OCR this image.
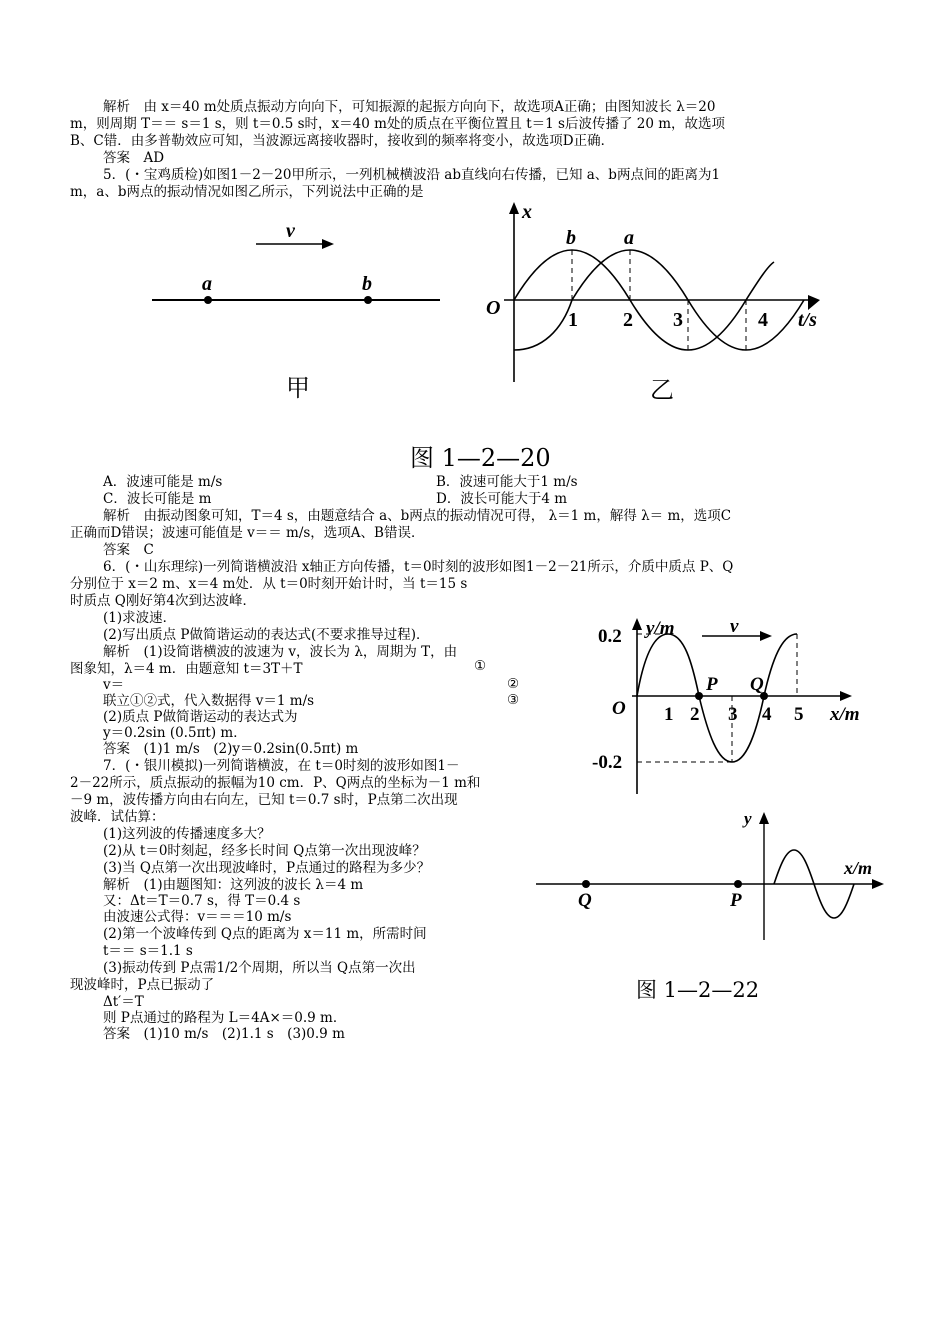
解析　由 x＝40 m处质点振动方向向下，可知振源的起振方向向下，故选项A正确；由图知波长 λ＝20
m，则周期 T＝＝ s＝1 s，则 t＝0.5 s时，x＝40 m处的质点在平衡位置且 t＝1 s后波传播了 20 m，故选项
B、C错．由多普勒效应可知，当波源远离接收器时，接收到的频率将变小，故选项D正确．
答案　AD
5．(・宝鸡质检)如图1－2－20甲所示，一列机械横波沿 ab直线向右传播，已知 a、b两点间的距离为1
m，a、b两点的振动情况如图乙所示，下列说法中正确的是
v
a	b
甲
x
t/s
O
b a
1 2 3	4
乙
图 1—2—20
A．波速可能是 m/s	B．波速可能大于1 m/s
C．波长可能是 m	D．波长可能大于4 m
解析　由振动图象可知，T＝4 s，由题意结合 a、b两点的振动情况可得， λ＝1 m，解得 λ＝ m，选项C
正确而D错误；波速可能值是 v＝＝ m/s，选项A、B错误．
答案　C
6．(・山东理综)一列简谐横波沿 x轴正方向传播，t＝0时刻的波形如图1－2－21所示，介质中质点 P、Q
分别位于 x＝2 m、x＝4 m处．从 t＝0时刻开始计时，当 t＝15 s
时质点 Q刚好第4次到达波峰．
(1)求波速．
(2)写出质点 P做简谐运动的表达式(不要求推导过程)．
解析　(1)设简谐横波的波速为 v，波长为 λ，周期为 T，由
图象知，λ＝4 m．由题意知 t＝3T＋T	①
v＝	②
联立①②式，代入数据得 v＝1 m/s	③
(2)质点 P做简谐运动的表达式为
y＝0.2sin (0.5πt) m．
答案　(1)1 m/s　(2)y＝0.2sin(0.5πt) m
7．(・银川模拟)一列简谐横波，在 t＝0时刻的波形如图1－
2－22所示，质点振动的振幅为10 cm．P、Q两点的坐标为－1 m和
－9 m，波传播方向由右向左，已知 t＝0.7 s时，P点第二次出现
波峰．试估算：
(1)这列波的传播速度多大？
(2)从 t＝0时刻起，经多长时间 Q点第一次出现波峰？
(3)当 Q点第一次出现波峰时，P点通过的路程为多少？
解析　(1)由题图知：这列波的波长 λ＝4 m
又：Δt＝T＝0.7 s，得 T＝0.4 s
由波速公式得：v＝＝＝10 m/s
(2)第一个波峰传到 Q点的距离为 x＝11 m，所需时间
t＝＝ s＝1.1 s
(3)振动传到 P点需1/2个周期，所以当 Q点第一次出
现波峰时，P点已振动了
Δt′＝T
则 P点通过的路程为 L＝4A×＝0.9 m．
答案　(1)10 m/s　(2)1.1 s　(3)0.9 m
y/m
x/m
O
0.2
-0.2
v
P Q
1 2 3 4 5
y
x/m
Q	P
图 1—2—22
